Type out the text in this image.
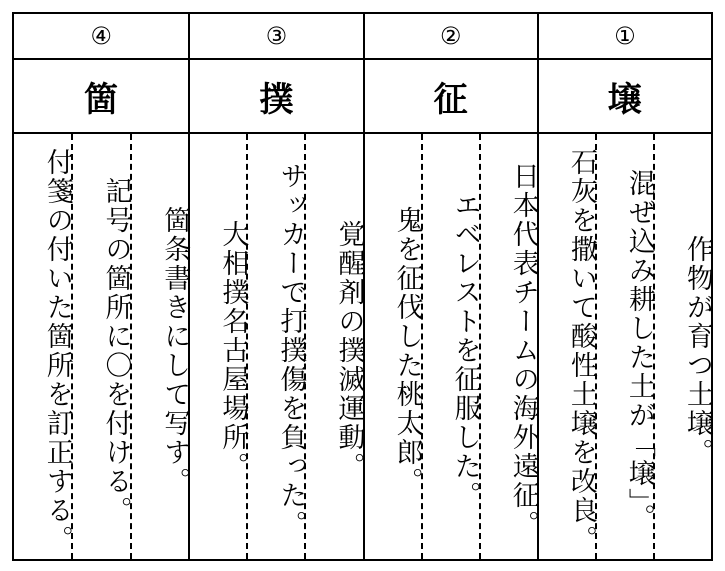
④
箇
箇条書きにして写す。
記号の箇所に〇を付ける。
付箋の付いた箇所を訂正する。
③
撲
覚醒剤の撲滅運動。
サッカーで打撲傷を負った。
大相撲名古屋場所。
②
征
日本代表チームの海外遠征。
エベレストを征服した。
鬼を征伐した桃太郎。
①
壌
作物が育つ土壌。
混ぜ込み耕した土が「壌」。
石灰を撒いて酸性土壌を改良。
